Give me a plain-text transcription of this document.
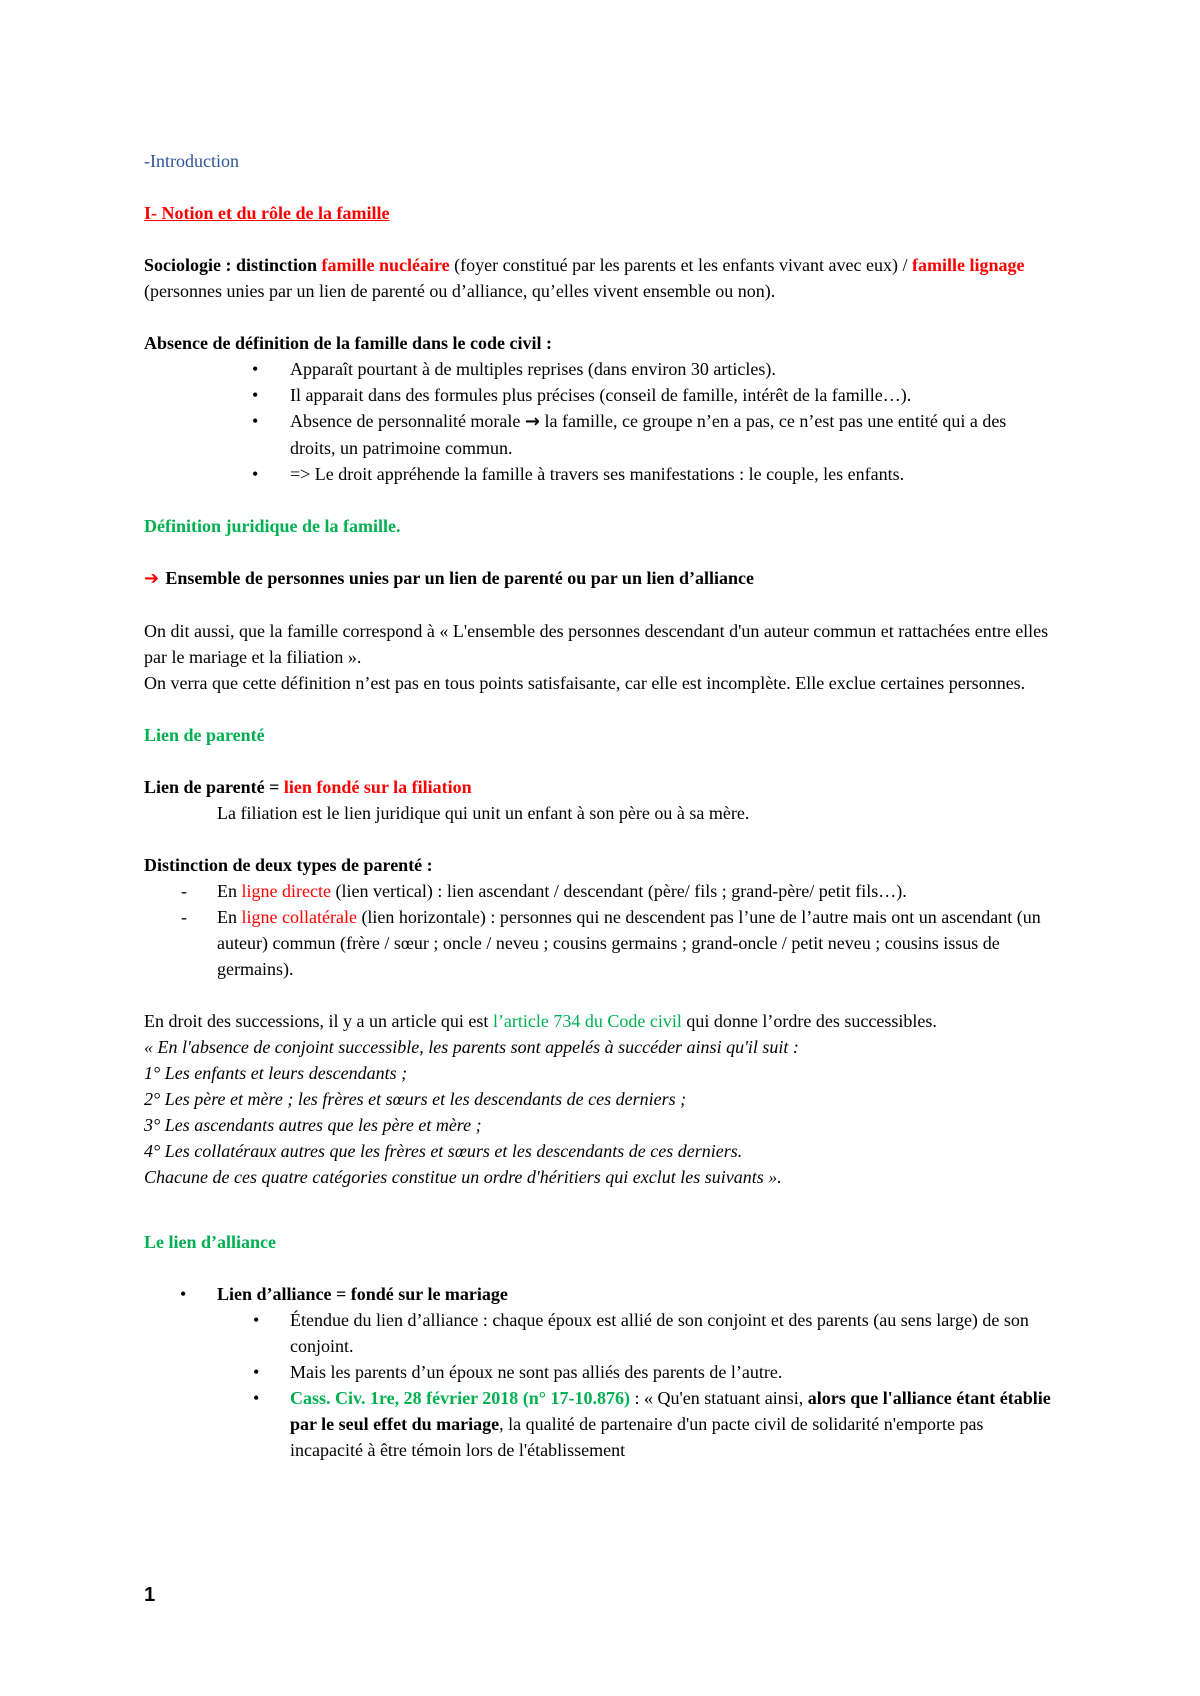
-Introduction

I- Notion et du rôle de la famille

Sociologie : distinction famille nucléaire (foyer constitué par les parents et les enfants vivant avec eux) / famille lignage (personnes unies par un lien de parenté ou d’alliance, qu’elles vivent ensemble ou non).

Absence de définition de la famille dans le code civil :

• Apparaît pourtant à de multiples reprises (dans environ 30 articles).
• Il apparait dans des formules plus précises (conseil de famille, intérêt de la famille…).
• Absence de personnalité morale → la famille, ce groupe n’en a pas, ce n’est pas une entité qui a des droits, un patrimoine commun.
• => Le droit appréhende la famille à travers ses manifestations : le couple, les enfants.

Définition juridique de la famille.

➔ Ensemble de personnes unies par un lien de parenté ou par un lien d’alliance

On dit aussi, que la famille correspond à « L'ensemble des personnes descendant d'un auteur commun et rattachées entre elles par le mariage et la filiation ».

On verra que cette définition n’est pas en tous points satisfaisante, car elle est incomplète. Elle exclue certaines personnes.

Lien de parenté

Lien de parenté = lien fondé sur la filiation

La filiation est le lien juridique qui unit un enfant à son père ou à sa mère.

Distinction de deux types de parenté :

- En ligne directe (lien vertical) : lien ascendant / descendant (père/ fils ; grand-père/ petit fils…).
- En ligne collatérale (lien horizontale) : personnes qui ne descendent pas l’une de l’autre mais ont un ascendant (un auteur) commun (frère / sœur ; oncle / neveu ; cousins germains ; grand-oncle / petit neveu ; cousins issus de germains).

En droit des successions, il y a un article qui est l’article 734 du Code civil qui donne l’ordre des successibles.

« En l'absence de conjoint successible, les parents sont appelés à succéder ainsi qu'il suit :

1° Les enfants et leurs descendants ;

2° Les père et mère ; les frères et sœurs et les descendants de ces derniers ;

3° Les ascendants autres que les père et mère ;

4° Les collatéraux autres que les frères et sœurs et les descendants de ces derniers.

Chacune de ces quatre catégories constitue un ordre d'héritiers qui exclut les suivants ».

Le lien d’alliance

• Lien d’alliance = fondé sur le mariage
• Étendue du lien d’alliance : chaque époux est allié de son conjoint et des parents (au sens large) de son conjoint.
• Mais les parents d’un époux ne sont pas alliés des parents de l’autre.
• Cass. Civ. 1re, 28 février 2018 (n° 17-10.876) : « Qu'en statuant ainsi, alors que l'alliance étant établie par le seul effet du mariage, la qualité de partenaire d'un pacte civil de solidarité n'emporte pas incapacité à être témoin lors de l'établissement
1
